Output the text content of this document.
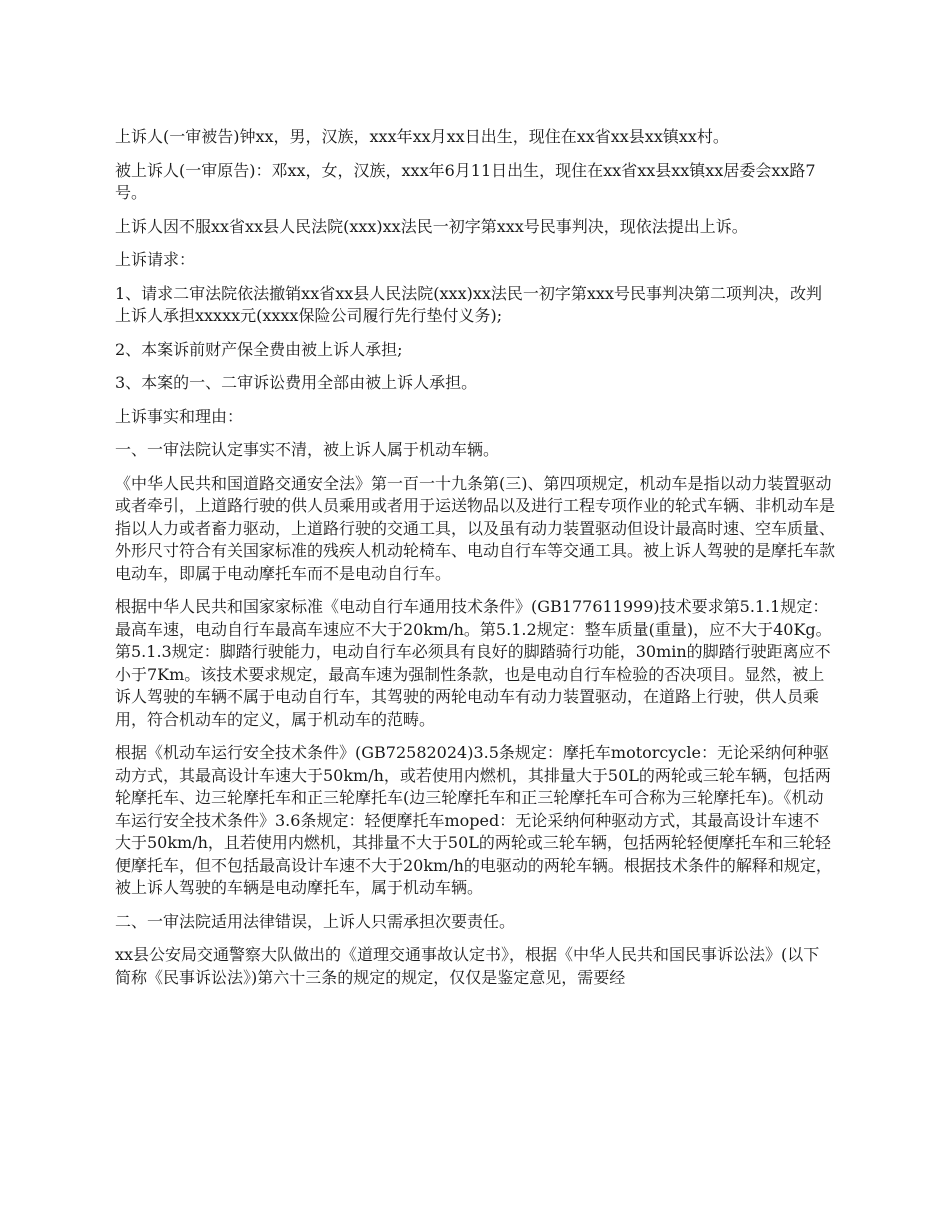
上诉人(一审被告)钟xx，男，汉族，xxx年xx月xx日出生，现住在xx省xx县xx镇xx村。

被上诉人(一审原告)：邓xx，女，汉族，xxx年6月11日出生，现住在xx省xx县xx镇xx居委会xx路7号。

上诉人因不服xx省xx县人民法院(xxx)xx法民一初字第xxx号民事判决，现依法提出上诉。

上诉请求：

1、请求二审法院依法撤销xx省xx县人民法院(xxx)xx法民一初字第xxx号民事判决第二项判决，改判上诉人承担xxxxx元(xxxx保险公司履行先行垫付义务);

2、本案诉前财产保全费由被上诉人承担;

3、本案的一、二审诉讼费用全部由被上诉人承担。

上诉事实和理由：

一、一审法院认定事实不清，被上诉人属于机动车辆。

《中华人民共和国道路交通安全法》第一百一十九条第(三)、第四项规定，机动车是指以动力装置驱动或者牵引，上道路行驶的供人员乘用或者用于运送物品以及进行工程专项作业的轮式车辆、非机动车是指以人力或者畜力驱动，上道路行驶的交通工具，以及虽有动力装置驱动但设计最高时速、空车质量、外形尺寸符合有关国家标准的残疾人机动轮椅车、电动自行车等交通工具。被上诉人驾驶的是摩托车款电动车，即属于电动摩托车而不是电动自行车。

根据中华人民共和国家家标准《电动自行车通用技术条件》(GB177611999)技术要求第5.1.1规定：最高车速，电动自行车最高车速应不大于20km/h。第5.1.2规定：整车质量(重量)，应不大于40Kg。第5.1.3规定：脚踏行驶能力，电动自行车必须具有良好的脚踏骑行功能，30min的脚踏行驶距离应不小于7Km。该技术要求规定，最高车速为强制性条款，也是电动自行车检验的否决项目。显然，被上诉人驾驶的车辆不属于电动自行车，其驾驶的两轮电动车有动力装置驱动，在道路上行驶，供人员乘用，符合机动车的定义，属于机动车的范畴。

根据《机动车运行安全技术条件》(GB72582024)3.5条规定：摩托车motorcycle：无论采纳何种驱动方式，其最高设计车速大于50km/h，或若使用内燃机，其排量大于50L的两轮或三轮车辆，包括两轮摩托车、边三轮摩托车和正三轮摩托车(边三轮摩托车和正三轮摩托车可合称为三轮摩托车)。《机动车运行安全技术条件》3.6条规定：轻便摩托车moped：无论采纳何种驱动方式，其最高设计车速不大于50km/h，且若使用内燃机，其排量不大于50L的两轮或三轮车辆，包括两轮轻便摩托车和三轮轻便摩托车，但不包括最高设计车速不大于20km/h的电驱动的两轮车辆。根据技术条件的解释和规定，被上诉人驾驶的车辆是电动摩托车，属于机动车辆。

二、一审法院适用法律错误，上诉人只需承担次要责任。

xx县公安局交通警察大队做出的《道理交通事故认定书》，根据《中华人民共和国民事诉讼法》(以下简称《民事诉讼法》)第六十三条的规定的规定，仅仅是鉴定意见，需要经
